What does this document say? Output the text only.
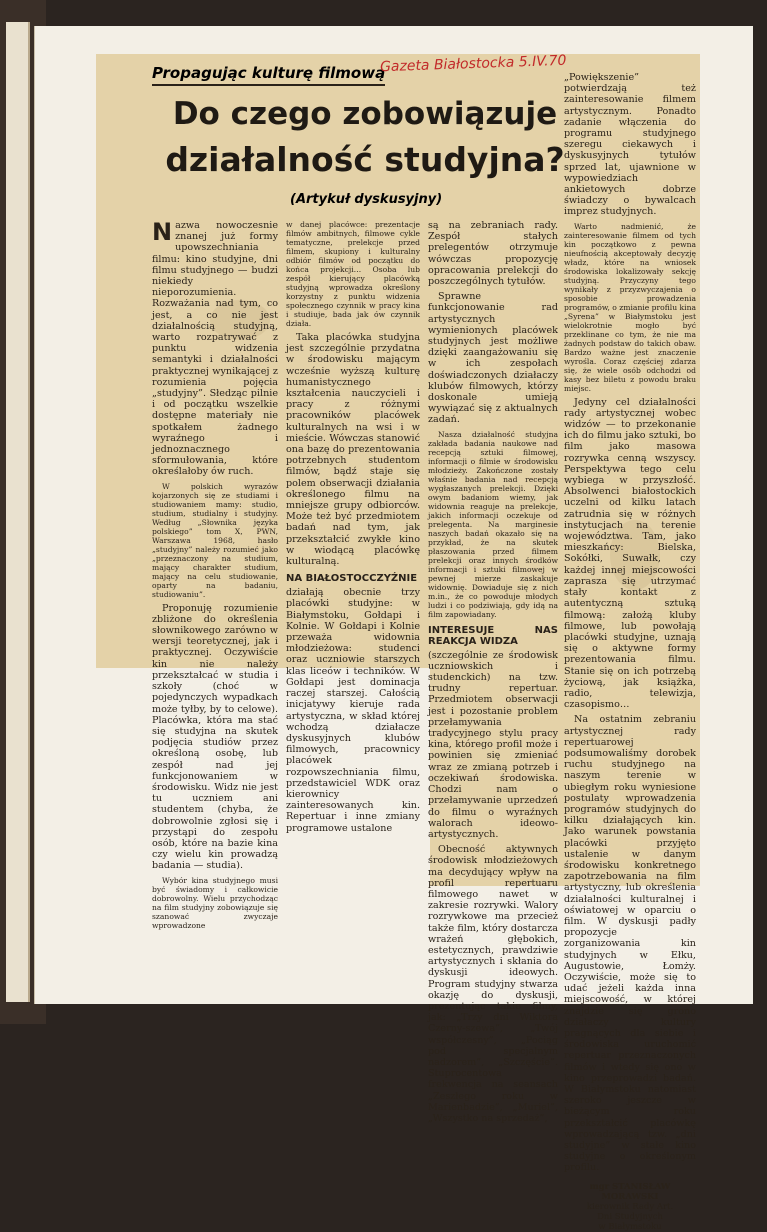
Propagując kulturę filmową
Gazeta Białostocka 5.IV.70
Do czego zobowiązuje
działalność studyjna?
(Artykuł dyskusyjny)

Nazwa nowoczesnie znanej już formy upowszechniania filmu: kino studyjne, dni filmu studyjnego — budzi niekiedy nieporozumienia. Rozważania nad tym, co jest, a co nie jest działalnością studyjną, warto rozpatrywać z punktu widzenia semantyki i działalności praktycznej wynikającej z rozumienia pojęcia „studyjny”. Słedząc pilnie i od początku wszelkie dostępne materiały nie spotkałem żadnego wyraźnego i jednoznacznego sformułowania, które określałoby ów ruch.

W polskich wyrazów kojarzonych się ze studiami i studiowaniem mamy: studio, studium, studialny i studyjny. Według „Słownika języka polskiego” tom X, PWN, Warszawa 1968, hasło „studyjny” należy rozumieć jako „przeznaczony na studium, mający charakter studium, mający na celu studiowanie, oparty na badaniu, studiowaniu”.

Proponuję rozumienie zbliżone do określenia słownikowego zarówno w wersji teoretycznej, jak i praktycznej. Oczywiście kin nie należy przekształcać w studia i szkoły (choć w pojedynczych wypadkach może tyłby, by to celowe). Placówka, która ma stać się studyjna na skutek podjęcia studiów przez określoną osobę, lub zespół nad jej funkcjonowaniem w środowisku. Widz nie jest tu uczniem ani studentem (chyba, że dobrowolnie zgłosi się i przystąpi do zespołu osób, które na bazie kina czy wielu kin prowadzą badania — studia).

Wybór kina studyjnego musi być świadomy i całkowicie dobrowolny. Wielu przychodząc na film studyjny zobowiązuje się szanować zwyczaje wprowadzone

w danej placówce: prezentacje filmów ambitnych, filmowe cykle tematyczne, prelekcje przed filmem, skupiony i kulturalny odbiór filmów od początku do końca projekcji… Osoba lub zespół kierujący placówką studyjną wprowadza określony korzystny z punktu widzenia społecznego czynnik w pracy kina i studiuje, bada jak ów czynnik działa.

Taka placówka studyjna jest szczególnie przydatna w środowisku mającym wcześnie wyższą kulturę humanistycznego kształcenia nauczycieli i pracy z różnymi pracowników placówek kulturalnych na wsi i w mieście. Wówczas stanowić ona bazę do prezentowania potrzebnych studentom filmów, bądź staje się polem obserwacji działania określonego filmu na mniejsze grupy odbiorców. Może też być przedmiotem badań nad tym, jak przekształcić zwykłe kino w wiodącą placówkę kulturalną.

NA BIAŁOSTOCCZYŹNIE

działają obecnie trzy placówki studyjne: w Białymstoku, Gołdapi i Kolnie. W Gołdapi i Kolnie przeważa widownia młodzieżowa: studenci oraz uczniowie starszych klas liceów i techników. W Gołdapi jest dominacja raczej starszej. Całością inicjatywy kieruje rada artystyczna, w skład której wchodzą działacze dyskusyjnych klubów filmowych, pracownicy placówek rozpowszechniania filmu, przedstawiciel WDK oraz kierownicy zainteresowanych kin. Repertuar i inne zmiany programowe ustalone

są na zebraniach rady. Zespół stałych prelegentów otrzymuje wówczas propozycję opracowania prelekcji do poszczególnych tytułów.

Sprawne funkcjonowanie rad artystycznych wymienionych placówek studyjnych jest możliwe dzięki zaangażowaniu się w ich zespołach doświadczonych działaczy klubów filmowych, którzy doskonale umieją wywiązać się z aktualnych zadań.

Nasza działalność studyjna zakłada badania naukowe nad recepcją sztuki filmowej, informacji o filmie w środowisku młodzieży. Zakończone zostały właśnie badania nad recepcją wygłaszanych prelekcji. Dzięki owym badaniom wiemy, jak widownia reaguje na prelekcje, jakich informacji oczekuje od prelegenta. Na marginesie naszych badań okazało się na przykład, że na skutek płaszowania przed filmem prelekcji oraz innych środków informacji i sztuki filmowej w pewnej mierze zaskakuje widownię. Dowiaduje się z nich m.in., że co powoduje młodych ludzi i co podziwiają, gdy idą na film zapowiadany.

INTERESUJE NAS REAKCJA WIDZA

(szczególnie ze środowisk uczniowskich i studenckich) na tzw. trudny repertuar. Przedmiotem obserwacji jest i pozostanie problem przełamywania tradycyjnego stylu pracy kina, którego profil może i powinien się zmieniać wraz ze zmianą potrzeb i oczekiwań środowiska. Chodzi nam o przełamywanie uprzedzeń do filmu o wyraźnych walorach ideowo-artystycznych.

Obecność aktywnych środowisk młodzieżowych ma decydujący wpływ na profil repertuaru filmowego nawet w zakresie rozrywki. Walory rozrywkowe ma przecież także film, który dostarcza wrażeń głębokich, estetycznych, prawdziwie artystycznych i skłania do dyskusji ideowych. Program studyjny stwarza okazję do dyskusji, prezentując takie filmy, jak: „Trzy dni Wiktora Czerny-szewa”, „Twój współczesny”, „Pociąg pod specjalnym nadzorem”, „Szczęście”. Stuprocentowa frekwencja na seansach „Zeszłego roku w Marienbadzie”, „Muriel”, „Wszystko na sprzedaż”,

„Powiększenie” potwierdzają też zainteresowanie filmem artystycznym. Ponadto zadanie włączenia do programu studyjnego szeregu ciekawych i dyskusyjnych tytułów sprzed lat, ujawnione w wypowiedziach ankietowych dobrze świadczy o bywalcach imprez studyjnych.

Warto nadmienić, że zainteresowanie filmem od tych kin początkowo z pewna nieufnością akceptowały decyzję władz, które na wniosek środowiska lokalizowały sekcję studyjną. Przyczyny tego wynikały z przyzwyczajenia o sposobie prowadzenia programów, o zmianie profilu kina „Syrena” w Białymstoku jest wielokrotnie mogło być przeklinane co tym, że nie ma żadnych podstaw do takich obaw. Bardzo ważne jest znaczenie wyrośla. Coraz częściej zdarza się, że wiele osób odchodzi od kasy bez biletu z powodu braku miejsc.

Jedyny cel działalności rady artystycznej wobec widzów — to przekonanie ich do filmu jako sztuki, bo film jako masowa rozrywka cenną wszyscy. Perspektywa tego celu wybiega w przyszłość. Absolwenci białostockich uczelni od kilku latach zatrudnia się w różnych instytucjach na terenie województwa. Tam, jako mieszkańcy: Bielska, Sokółki, Suwałk, czy każdej innej miejscowości zaprasza się utrzymać stały kontakt z autentyczną sztuką filmową: założą kluby filmowe, lub powołają placówki studyjne, uznają się o aktywne formy prezentowania filmu. Stanie się on ich potrzebą życiową, jak książka, radio, telewizja, czasopismo…

Na ostatnim zebraniu artystycznej rady repertuarowej podsumowaliśmy dorobek ruchu studyjnego na naszym terenie w ubiegłym roku wyniesione postulaty wprowadzenia programów studyjnych do kilku działających kin. Jako warunek powstania placówki przyjęto ustalenie w danym środowisku konkretnego zapotrzebowania na film artystyczny, lub określenia działalności kulturalnej i oświatowej w oparciu o film. W dyskusji padły propozycje zorganizowania kin studyjnych w Ełku, Augustowie, Łomży. Oczywiście, może się to udać jeżeli każda inna miejscowość, w której znajdzie się grono działaczy kultury pragnących dla siebie i środowiska uruchomić repertuar przeznaczonych filmów i wtedy się ono w kino przeprowadzi badań. W Białymstoku natomiast szeroko jeszcze w bieżącym roku przekształcić placówkę wprowadzającą tzw. „dni studyjne” w stałe kino studyjne o określonym profilu.

mgr STANISŁAW MORAWSKI
kierownik Rady Art.
Dni Studyjnych
w Białymstoku
